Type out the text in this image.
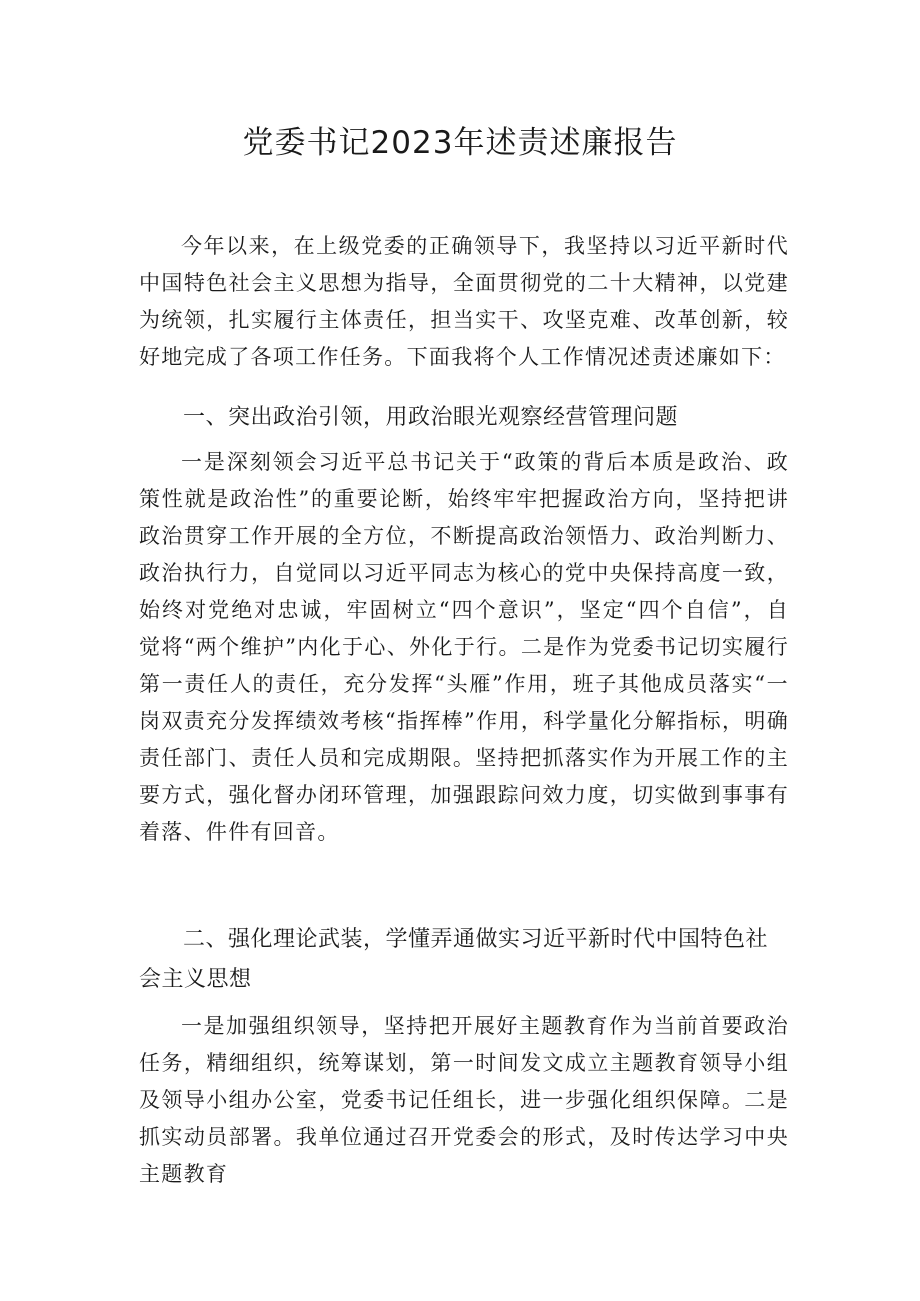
党委书记2023年述责述廉报告

今年以来，在上级党委的正确领导下，我坚持以习近平新时代中国特色社会主义思想为指导，全面贯彻党的二十大精神，以党建为统领，扎实履行主体责任，担当实干、攻坚克难、改革创新，较好地完成了各项工作任务。下面我将个人工作情况述责述廉如下：

一、突出政治引领，用政治眼光观察经营管理问题

一是深刻领会习近平总书记关于“政策的背后本质是政治、政策性就是政治性”的重要论断，始终牢牢把握政治方向，坚持把讲政治贯穿工作开展的全方位，不断提高政治领悟力、政治判断力、政治执行力，自觉同以习近平同志为核心的党中央保持高度一致，始终对党绝对忠诚，牢固树立“四个意识”，坚定“四个自信”，自觉将“两个维护”内化于心、外化于行。二是作为党委书记切实履行第一责任人的责任，充分发挥“头雁”作用，班子其他成员落实“一岗双责充分发挥绩效考核“指挥棒”作用，科学量化分解指标，明确责任部门、责任人员和完成期限。坚持把抓落实作为开展工作的主要方式，强化督办闭环管理，加强跟踪问效力度，切实做到事事有着落、件件有回音。

二、强化理论武装，学懂弄通做实习近平新时代中国特色社会主义思想

一是加强组织领导，坚持把开展好主题教育作为当前首要政治任务，精细组织，统筹谋划，第一时间发文成立主题教育领导小组及领导小组办公室，党委书记任组长，进一步强化组织保障。二是抓实动员部署。我单位通过召开党委会的形式，及时传达学习中央主题教育
